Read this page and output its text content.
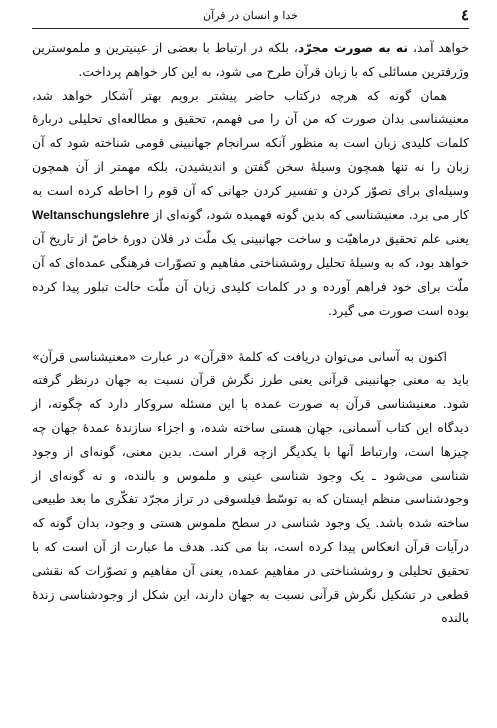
٤
خدا و انسان در قرآن

خواهد آمد، نه به صورت مجرّد، بلکه در ارتباط با بعضی از عینیترین و ملموسترین وژرفترین مسائلی که با زبان قرآن طرح می شود، به این کار خواهم پرداخت.

همان گونه که هرچه درکتاب حاضر پیشتر برویم بهتر آشکار خواهد شد، معنیشناسی بدان صورت که من آن را می فهمم، تحقیق و مطالعه‌ای تحلیلی دربارهٔ کلمات کلیدی زبان است به منظور آنکه سرانجام جهانبینی قومی شناخته شود که آن زبان را نه تنها همچون وسیلهٔ سخن گفتن و اندیشیدن، بلکه مهمتر از آن همچون وسیله‌ای برای تصوّر کردن و تفسیر کردن جهانی که آن قوم را احاطه کرده است به کار می برد. معنیشناسی که بدین گونه فهمیده شود، گونه‌ای از Weltanschungslehre یعنی علم تحقیق درماهیّت و ساخت جهانبینی یک ملّت در فلان دورهٔ خاصّ از تاریخ آن خواهد بود، که به وسیلهٔ تحلیل روششناختی مفاهیم و تصوّرات فرهنگی عمده‌ای که آن ملّت برای خود فراهم آورده و در کلمات کلیدی زبان آن ملّت حالت تبلور پیدا کرده بوده است صورت می گیرد.

اکنون به آسانی می‌توان دریافت که کلمهٔ «قرآن» در عبارت «معنیشناسی قرآن» باید به معنی جهانبینی قرآنی یعنی طرز نگرش قرآن نسبت به جهان درنظر گرفته شود. معنیشناسی قرآن به صورت عمده با این مسئله سروکار دارد که چگونه، از دیدگاه این کتاب آسمانی، جهان هستی ساخته شده، و اجزاء سازندهٔ عمدهٔ جهان چه چیزها است، وارتباط آنها با یکدیگر ازچه قرار است. بدین معنی، گونه‌ای از وجود شناسی می‌شود ـ یک وجود شناسی عینی و ملموس و بالنده، و نه گونه‌ای از وجودشناسی منظم ایستان که به توسّط فیلسوفی در تراز مجرّد تفکّری ما بعد طبیعی ساخته شده باشد. یک وجود شناسی در سطح ملموس هستی و وجود، بدان گونه که درآیات قرآن انعکاس پیدا کرده است، بنا می کند. هدف ما عبارت از آن است که با تحقیق تحلیلی و روششناختی در مفاهیم عمده، یعنی آن مفاهیم و تصوّرات که نقشی قطعی در تشکیل نگرش قرآنی نسبت به جهان دارند، این شکل از وجودشناسی زنده‌ٔ بالنده
